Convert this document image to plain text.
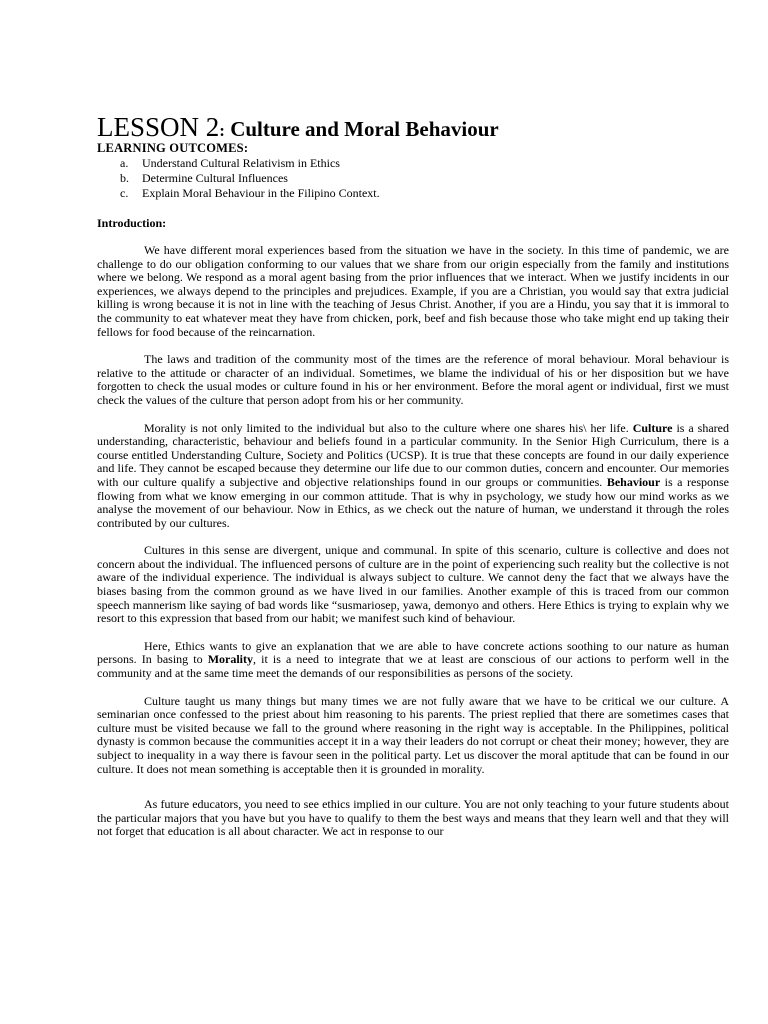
LESSON 2: Culture and Moral Behaviour
LEARNING OUTCOMES:
a. Understand Cultural Relativism in Ethics
b. Determine Cultural Influences
c. Explain Moral Behaviour in the Filipino Context.
Introduction:

We have different moral experiences based from the situation we have in the society. In this time of pandemic, we are challenge to do our obligation conforming to our values that we share from our origin especially from the family and institutions where we belong. We respond as a moral agent basing from the prior influences that we interact. When we justify incidents in our experiences, we always depend to the principles and prejudices. Example, if you are a Christian, you would say that extra judicial killing is wrong because it is not in line with the teaching of Jesus Christ. Another, if you are a Hindu, you say that it is immoral to the community to eat whatever meat they have from chicken, pork, beef and fish because those who take might end up taking their fellows for food because of the reincarnation.

The laws and tradition of the community most of the times are the reference of moral behaviour. Moral behaviour is relative to the attitude or character of an individual. Sometimes, we blame the individual of his or her disposition but we have forgotten to check the usual modes or culture found in his or her environment. Before the moral agent or individual, first we must check the values of the culture that person adopt from his or her community.

Morality is not only limited to the individual but also to the culture where one shares his\ her life. Culture is a shared understanding, characteristic, behaviour and beliefs found in a particular community. In the Senior High Curriculum, there is a course entitled Understanding Culture, Society and Politics (UCSP). It is true that these concepts are found in our daily experience and life. They cannot be escaped because they determine our life due to our common duties, concern and encounter. Our memories with our culture qualify a subjective and objective relationships found in our groups or communities. Behaviour is a response flowing from what we know emerging in our common attitude. That is why in psychology, we study how our mind works as we analyse the movement of our behaviour. Now in Ethics, as we check out the nature of human, we understand it through the roles contributed by our cultures.

Cultures in this sense are divergent, unique and communal. In spite of this scenario, culture is collective and does not concern about the individual. The influenced persons of culture are in the point of experiencing such reality but the collective is not aware of the individual experience. The individual is always subject to culture. We cannot deny the fact that we always have the biases basing from the common ground as we have lived in our families. Another example of this is traced from our common speech mannerism like saying of bad words like “susmariosep, yawa, demonyo and others. Here Ethics is trying to explain why we resort to this expression that based from our habit; we manifest such kind of behaviour.

Here, Ethics wants to give an explanation that we are able to have concrete actions soothing to our nature as human persons. In basing to Morality, it is a need to integrate that we at least are conscious of our actions to perform well in the community and at the same time meet the demands of our responsibilities as persons of the society.

Culture taught us many things but many times we are not fully aware that we have to be critical we our culture. A seminarian once confessed to the priest about him reasoning to his parents. The priest replied that there are sometimes cases that culture must be visited because we fall to the ground where reasoning in the right way is acceptable. In the Philippines, political dynasty is common because the communities accept it in a way their leaders do not corrupt or cheat their money; however, they are subject to inequality in a way there is favour seen in the political party. Let us discover the moral aptitude that can be found in our culture. It does not mean something is acceptable then it is grounded in morality.

As future educators, you need to see ethics implied in our culture. You are not only teaching to your future students about the particular majors that you have but you have to qualify to them the best ways and means that they learn well and that they will not forget that education is all about character. We act in response to our
